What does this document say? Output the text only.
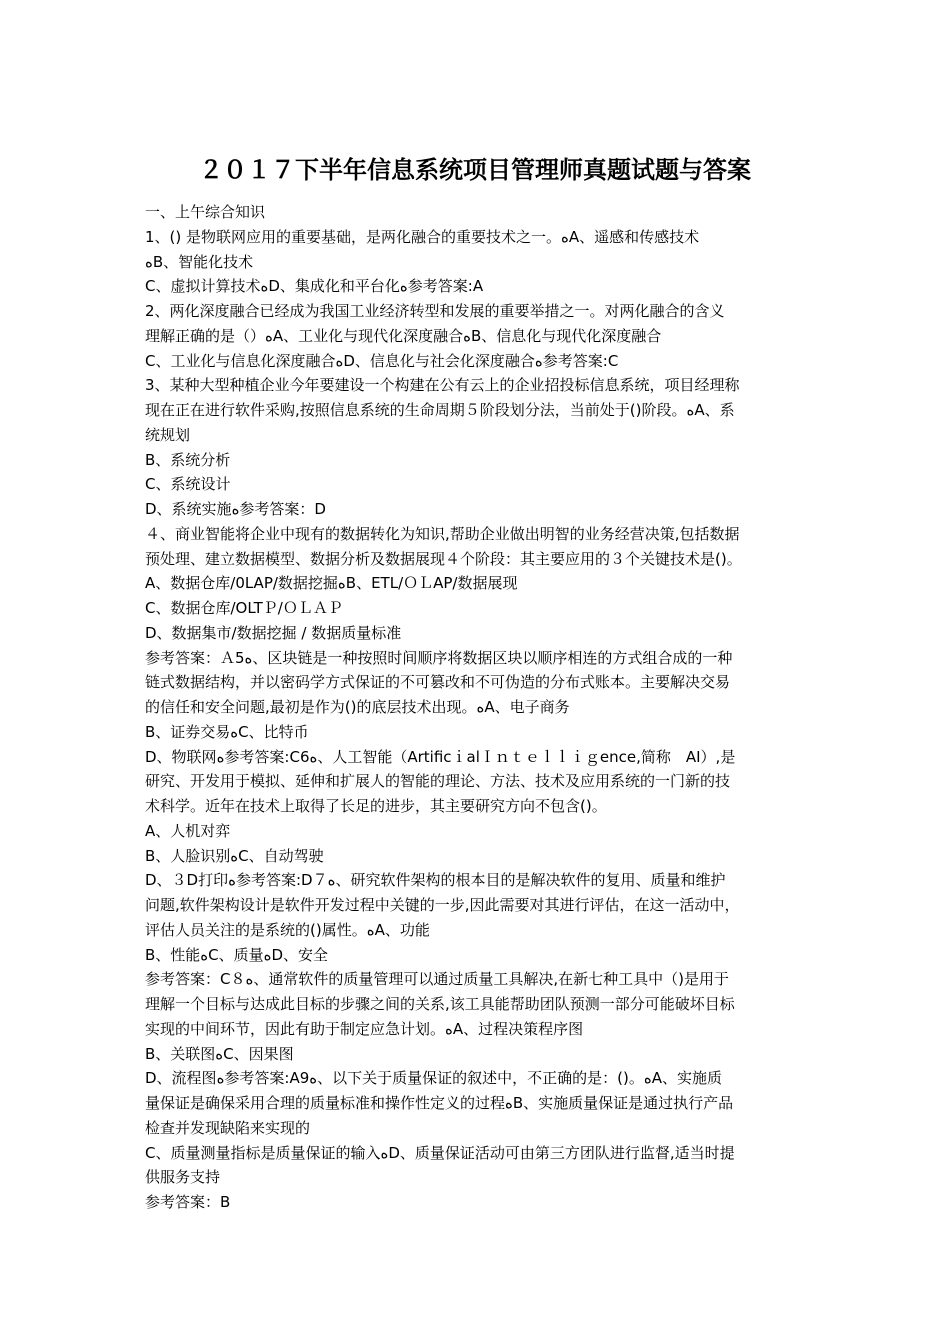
２０１７下半年信息系统项目管理师真题试题与答案
一、上午综合知识
1、() 是物联网应用的重要基础，是两化融合的重要技术之一。ﻩA、遥感和传感技术
ﻩB、智能化技术
C、虚拟计算技术ﻩD、集成化和平台化ﻩ参考答案:A
2、两化深度融合已经成为我国工业经济转型和发展的重要举措之一。对两化融合的含义
理解正确的是（）ﻩA、工业化与现代化深度融合ﻩB、信息化与现代化深度融合
C、工业化与信息化深度融合ﻩD、信息化与社会化深度融合ﻩ参考答案:C
3、某种大型种植企业今年要建设一个构建在公有云上的企业招投标信息系统，项目经理称
现在正在进行软件采购,按照信息系统的生命周期５阶段划分法，当前处于()阶段。ﻩA、系
统规划
B、系统分析
C、系统设计
D、系统实施ﻩ参考答案：D
４、商业智能将企业中现有的数据转化为知识,帮助企业做出明智的业务经营决策,包括数据
预处理、建立数据模型、数据分析及数据展现４个阶段：其主要应用的３个关键技术是()。
A、数据仓库/0LAP/数据挖掘ﻩB、ETL/ＯＬAP/数据展现
C、数据仓库/OLTＰ/ＯＬＡＰ
D、数据集市/数据挖掘 / 数据质量标准
参考答案：Ａ5ﻩ、区块链是一种按照时间顺序将数据区块以顺序相连的方式组合成的一种
链式数据结构，并以密码学方式保证的不可篡改和不可伪造的分布式账本。主要解决交易
的信任和安全问题,最初是作为()的底层技术出现。ﻩA、电子商务
B、证券交易ﻩC、比特币
D、物联网ﻩ参考答案:C6ﻩ、人工智能（ArtificｉalＩｎｔｅｌｌｉｇence,简称　AI）,是
研究、开发用于模拟、延伸和扩展人的智能的理论、方法、技术及应用系统的一门新的技
术科学。近年在技术上取得了长足的进步，其主要研究方向不包含()。
A、人机对弈
B、人脸识别ﻩC、自动驾驶
D、３D打印ﻩ参考答案:D７ﻩ、研究软件架构的根本目的是解决软件的复用、质量和维护
问题,软件架构设计是软件开发过程中关键的一步,因此需要对其进行评估，在这一活动中，
评估人员关注的是系统的()属性。ﻩA、功能
B、性能ﻩC、质量ﻩD、安全
参考答案：C８ﻩ、通常软件的质量管理可以通过质量工具解决,在新七种工具中（)是用于
理解一个目标与达成此目标的步骤之间的关系,该工具能帮助团队预测一部分可能破坏目标
实现的中间环节，因此有助于制定应急计划。ﻩA、过程决策程序图
B、关联图ﻩC、因果图
D、流程图ﻩ参考答案:A9ﻩ、以下关于质量保证的叙述中，不正确的是：()。ﻩA、实施质
量保证是确保采用合理的质量标准和操作性定义的过程ﻩB、实施质量保证是通过执行产品
检查并发现缺陷来实现的
C、质量测量指标是质量保证的输入ﻩD、质量保证活动可由第三方团队进行监督,适当时提
供服务支持
参考答案：B
